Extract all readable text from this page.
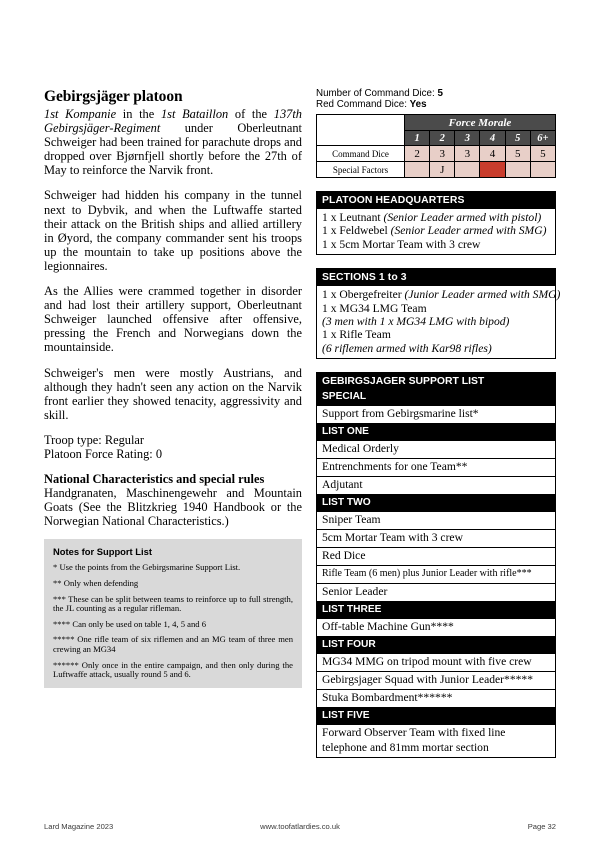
Gebirgsjäger platoon

1st Kompanie in the 1st Bataillon of the 137th Gebirgsjäger-Regiment under Oberleutnant Schweiger had been trained for parachute drops and dropped over Bjørnfjell shortly before the 27th of May to reinforce the Narvik front.

Schweiger had hidden his company in the tunnel next to Dybvik, and when the Luftwaffe started their attack on the British ships and allied artillery in Øyord, the company commander sent his troops up the mountain to take up positions above the legionnaires.

As the Allies were crammed together in disorder and had lost their artillery support, Oberleutnant Schweiger launched offensive after offensive, pressing the French and Norwegians down the mountainside.

Schweiger's men were mostly Austrians, and although they hadn't seen any action on the Narvik front earlier they showed tenacity, aggressivity and skill.

Troop type: Regular
Platoon Force Rating: 0
National Characteristics and special rules

Handgranaten, Maschinengewehr and Mountain Goats (See the Blitzkrieg 1940 Handbook or the Norwegian National Characteristics.)

Notes for Support List
* Use the points from the Gebirgsmarine Support List.
** Only when defending
*** These can be split between teams to reinforce up to full strength, the JL counting as a regular rifleman.
**** Can only be used on table 1, 4, 5 and 6
***** One rifle team of six riflemen and an MG team of three men crewing an MG34
****** Only once in the entire campaign, and then only during the Luftwaffe attack, usually round 5 and 6.

Number of Command Dice: 5

Red Command Dice: Yes

	Force Morale					
	1	2	3	4	5	6+
Command Dice	2	3	3	4	5	5
Special Factors		J				
PLATOON HEADQUARTERS
1 x Leutnant (Senior Leader armed with pistol)
1 x Feldwebel (Senior Leader armed with SMG)
1 x 5cm Mortar Team with 3 crew
SECTIONS 1 to 3
1 x Obergefreiter (Junior Leader armed with SMG)
1 x MG34 LMG Team
(3 men with 1 x MG34 LMG with bipod)
1 x Rifle Team
(6 riflemen armed with Kar98 rifles)
GEBIRGSJAGER SUPPORT LIST
SPECIAL
Support from Gebirgsmarine list*
LIST ONE
Medical Orderly
Entrenchments for one Team**
Adjutant
LIST TWO
Sniper Team
5cm Mortar Team with 3 crew
Red Dice
Rifle Team (6 men) plus Junior Leader with rifle***
Senior Leader
LIST THREE
Off-table Machine Gun****
LIST FOUR
MG34 MMG on tripod mount with five crew
Gebirgsjager Squad with Junior Leader*****
Stuka Bombardment******
LIST FIVE
Forward Observer Team with fixed line telephone and 81mm mortar section
Lard Magazine 2023	www.toofatlardies.co.uk	Page 32
